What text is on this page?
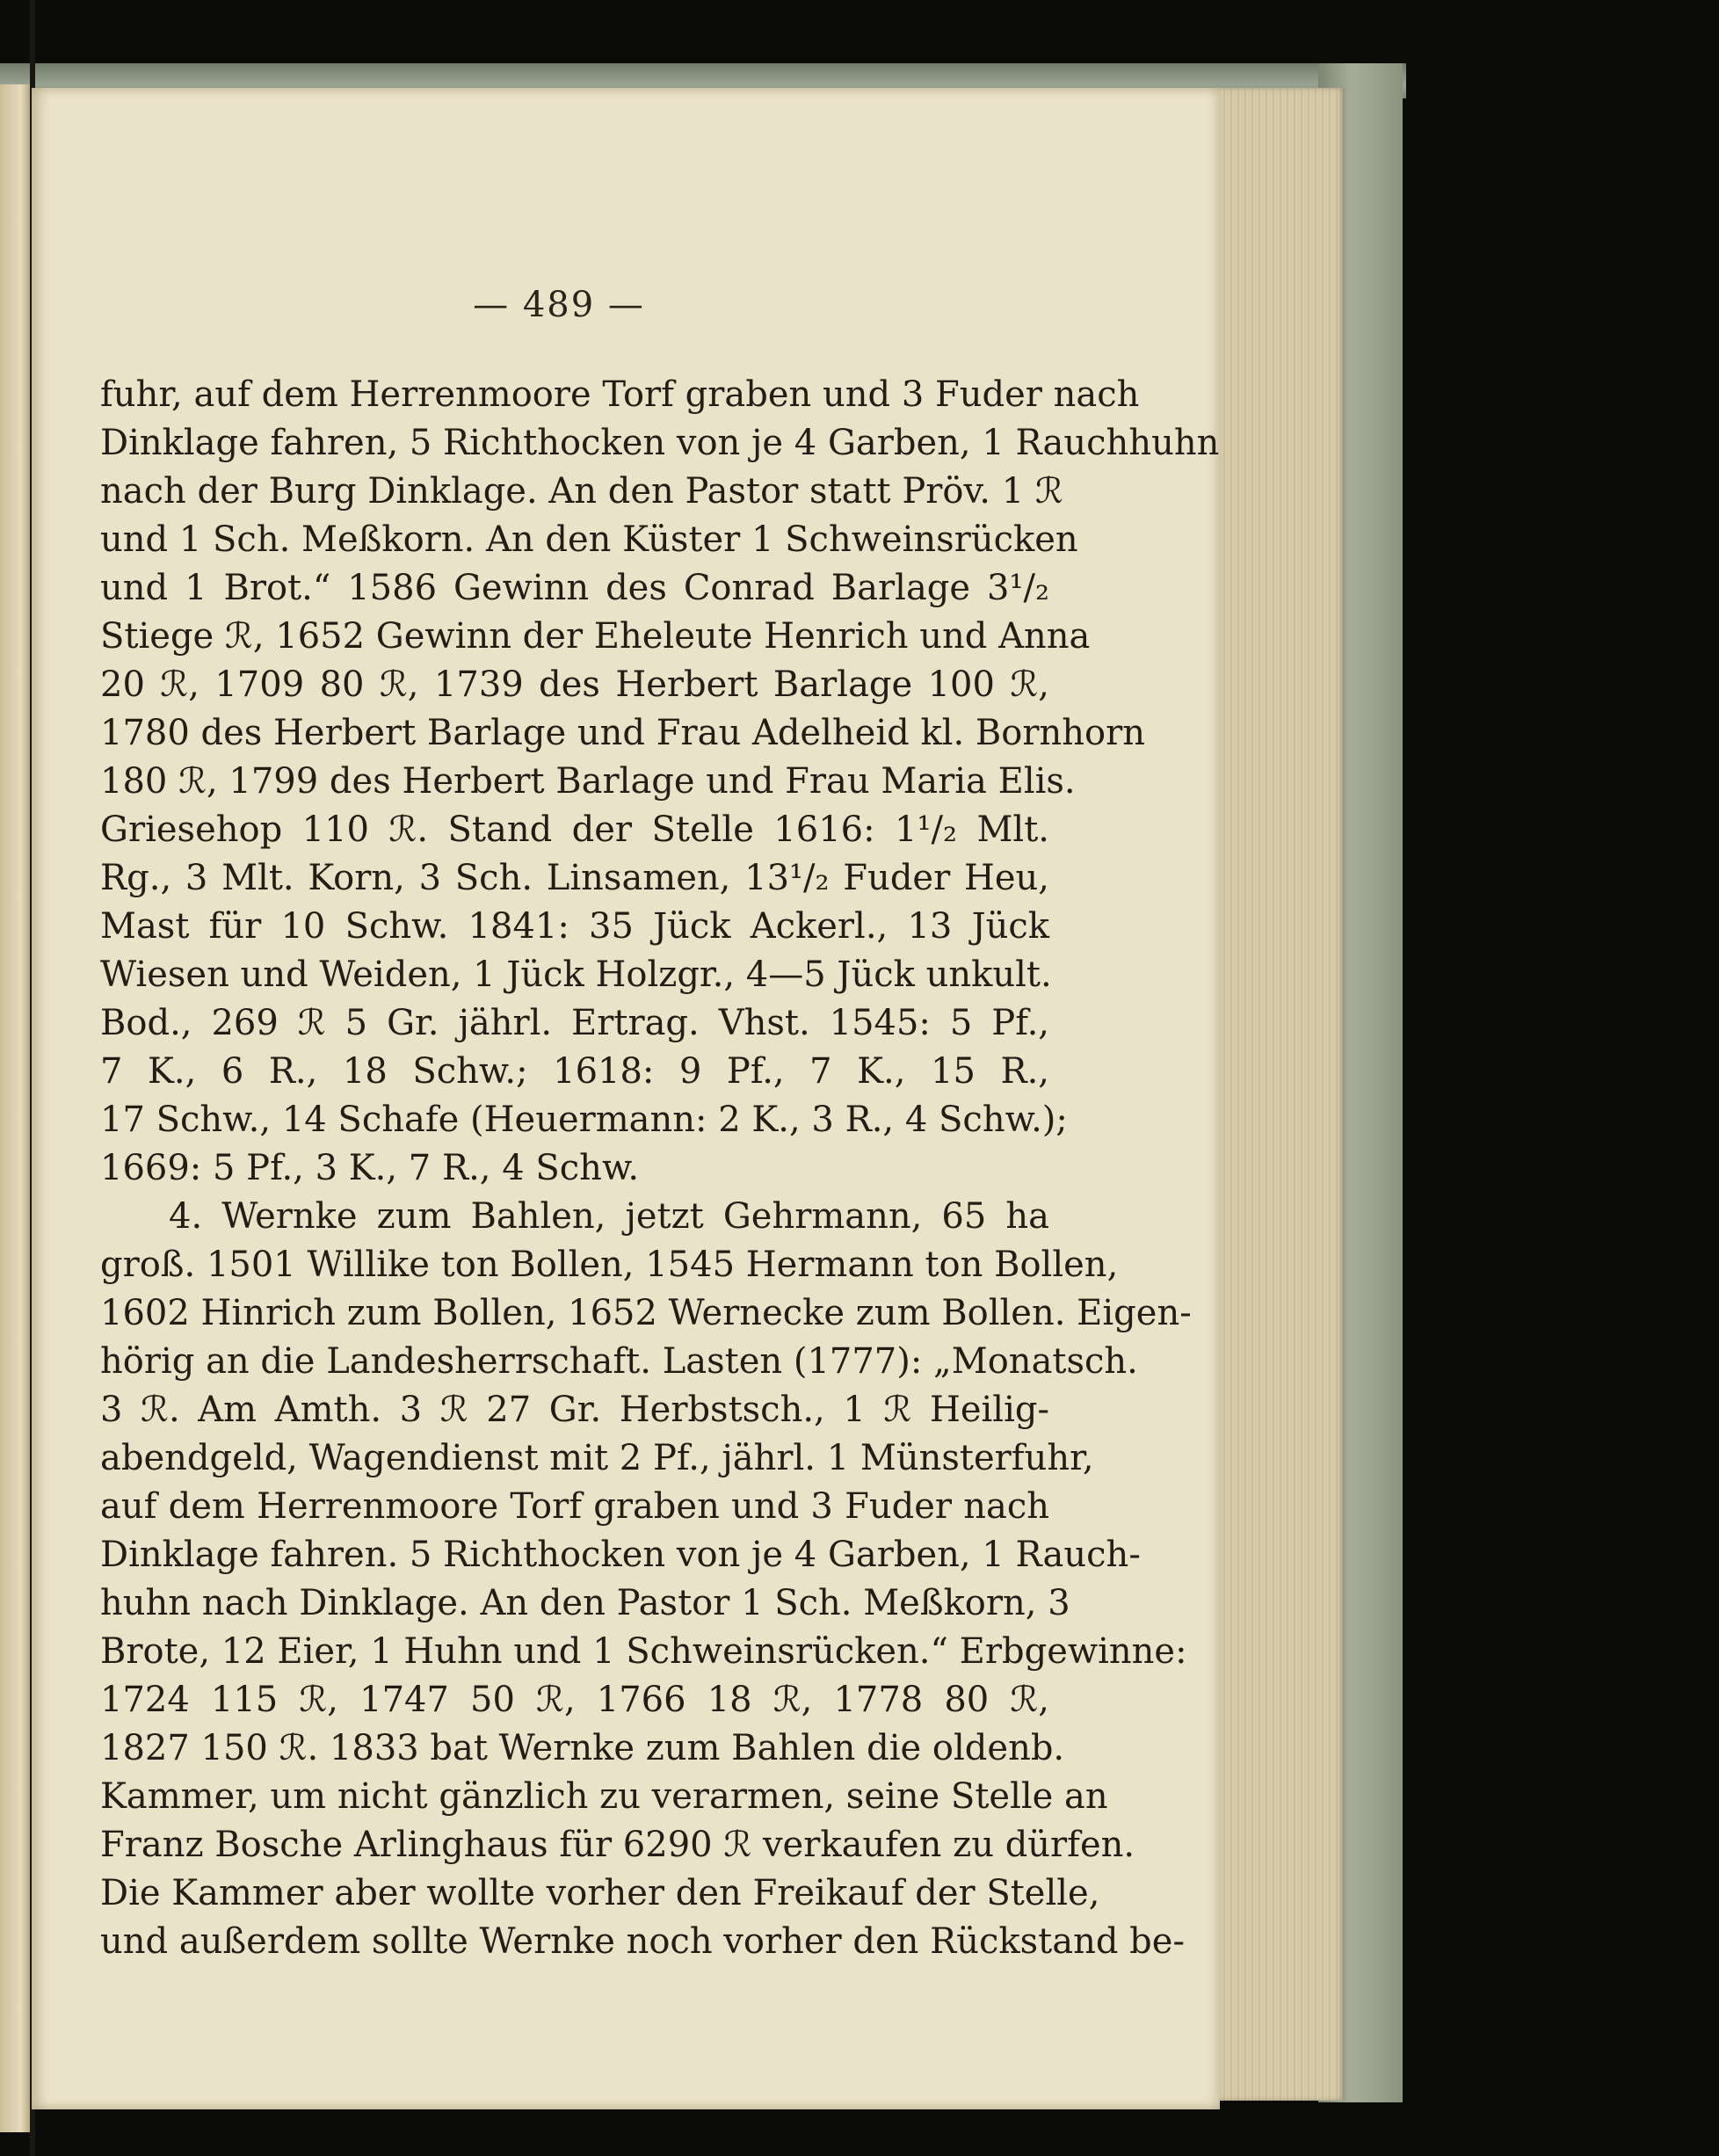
— 489 —
fuhr, auf dem Herrenmoore Torf graben und 3 Fuder nach
Dinklage fahren, 5 Richthocken von je 4 Garben, 1 Rauchhuhn
nach der Burg Dinklage. An den Pastor statt Pröv. 1 ℛ
und 1 Sch. Meßkorn. An den Küster 1 Schweinsrücken
und 1 Brot.“ 1586 Gewinn des Conrad Barlage 3¹/₂
Stiege ℛ, 1652 Gewinn der Eheleute Henrich und Anna
20 ℛ, 1709 80 ℛ, 1739 des Herbert Barlage 100 ℛ,
1780 des Herbert Barlage und Frau Adelheid kl. Bornhorn
180 ℛ, 1799 des Herbert Barlage und Frau Maria Elis.
Griesehop 110 ℛ. Stand der Stelle 1616: 1¹/₂ Mlt.
Rg., 3 Mlt. Korn, 3 Sch. Linsamen, 13¹/₂ Fuder Heu,
Mast für 10 Schw. 1841: 35 Jück Ackerl., 13 Jück
Wiesen und Weiden, 1 Jück Holzgr., 4—5 Jück unkult.
Bod., 269 ℛ 5 Gr. jährl. Ertrag. Vhst. 1545: 5 Pf.,
7 K., 6 R., 18 Schw.; 1618: 9 Pf., 7 K., 15 R.,
17 Schw., 14 Schafe (Heuermann: 2 K., 3 R., 4 Schw.);
1669: 5 Pf., 3 K., 7 R., 4 Schw.
4. Wernke zum Bahlen, jetzt Gehrmann, 65 ha
groß. 1501 Willike ton Bollen, 1545 Hermann ton Bollen,
1602 Hinrich zum Bollen, 1652 Wernecke zum Bollen. Eigen-
hörig an die Landesherrschaft. Lasten (1777): „Monatsch.
3 ℛ. Am Amth. 3 ℛ 27 Gr. Herbstsch., 1 ℛ Heilig-
abendgeld, Wagendienst mit 2 Pf., jährl. 1 Münsterfuhr,
auf dem Herrenmoore Torf graben und 3 Fuder nach
Dinklage fahren. 5 Richthocken von je 4 Garben, 1 Rauch-
huhn nach Dinklage. An den Pastor 1 Sch. Meßkorn, 3
Brote, 12 Eier, 1 Huhn und 1 Schweinsrücken.“ Erbgewinne:
1724 115 ℛ, 1747 50 ℛ, 1766 18 ℛ, 1778 80 ℛ,
1827 150 ℛ. 1833 bat Wernke zum Bahlen die oldenb.
Kammer, um nicht gänzlich zu verarmen, seine Stelle an
Franz Bosche Arlinghaus für 6290 ℛ verkaufen zu dürfen.
Die Kammer aber wollte vorher den Freikauf der Stelle,
und außerdem sollte Wernke noch vorher den Rückstand be-
